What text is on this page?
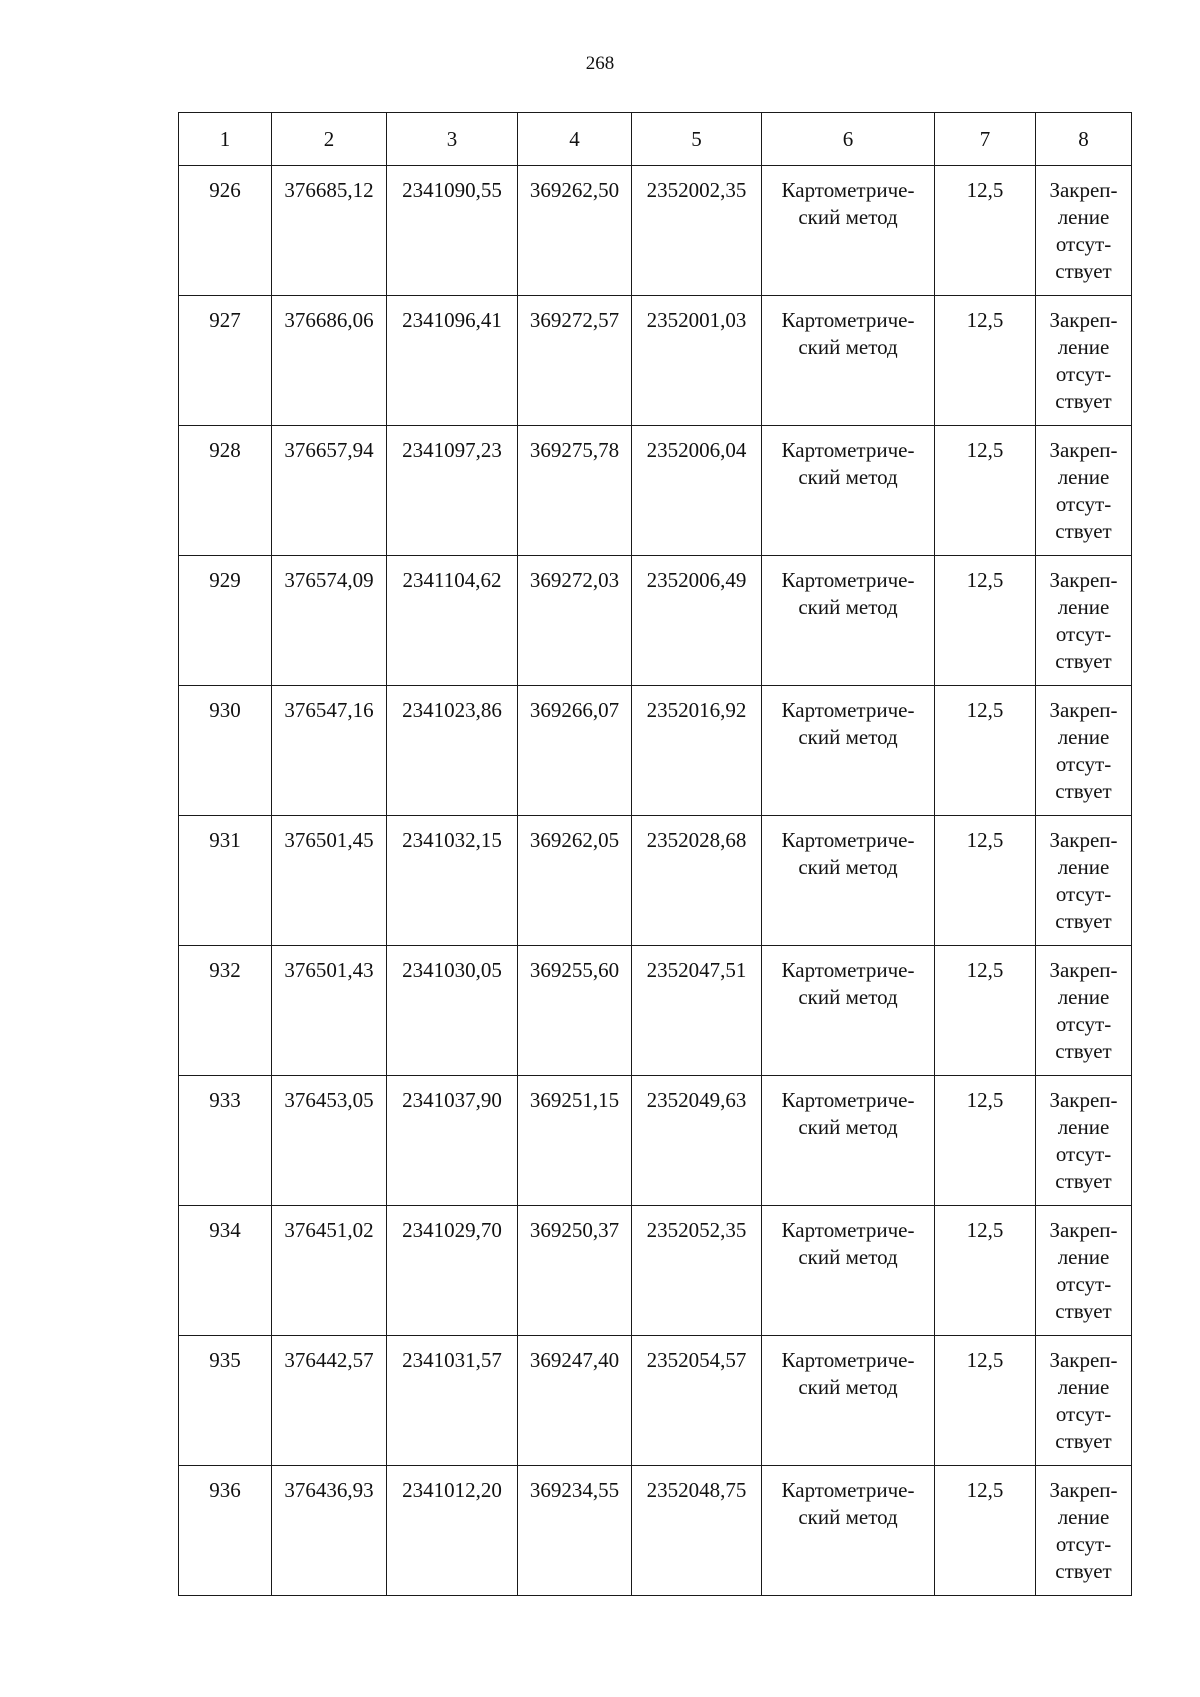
268
1	2	3	4	5	6	7	8
926	376685,12	2341090,55	369262,50	2352002,35	Картометриче-
ский метод	12,5	Закреп-
ление
отсут-
ствует
927	376686,06	2341096,41	369272,57	2352001,03	Картометриче-
ский метод	12,5	Закреп-
ление
отсут-
ствует
928	376657,94	2341097,23	369275,78	2352006,04	Картометриче-
ский метод	12,5	Закреп-
ление
отсут-
ствует
929	376574,09	2341104,62	369272,03	2352006,49	Картометриче-
ский метод	12,5	Закреп-
ление
отсут-
ствует
930	376547,16	2341023,86	369266,07	2352016,92	Картометриче-
ский метод	12,5	Закреп-
ление
отсут-
ствует
931	376501,45	2341032,15	369262,05	2352028,68	Картометриче-
ский метод	12,5	Закреп-
ление
отсут-
ствует
932	376501,43	2341030,05	369255,60	2352047,51	Картометриче-
ский метод	12,5	Закреп-
ление
отсут-
ствует
933	376453,05	2341037,90	369251,15	2352049,63	Картометриче-
ский метод	12,5	Закреп-
ление
отсут-
ствует
934	376451,02	2341029,70	369250,37	2352052,35	Картометриче-
ский метод	12,5	Закреп-
ление
отсут-
ствует
935	376442,57	2341031,57	369247,40	2352054,57	Картометриче-
ский метод	12,5	Закреп-
ление
отсут-
ствует
936	376436,93	2341012,20	369234,55	2352048,75	Картометриче-
ский метод	12,5	Закреп-
ление
отсут-
ствует
